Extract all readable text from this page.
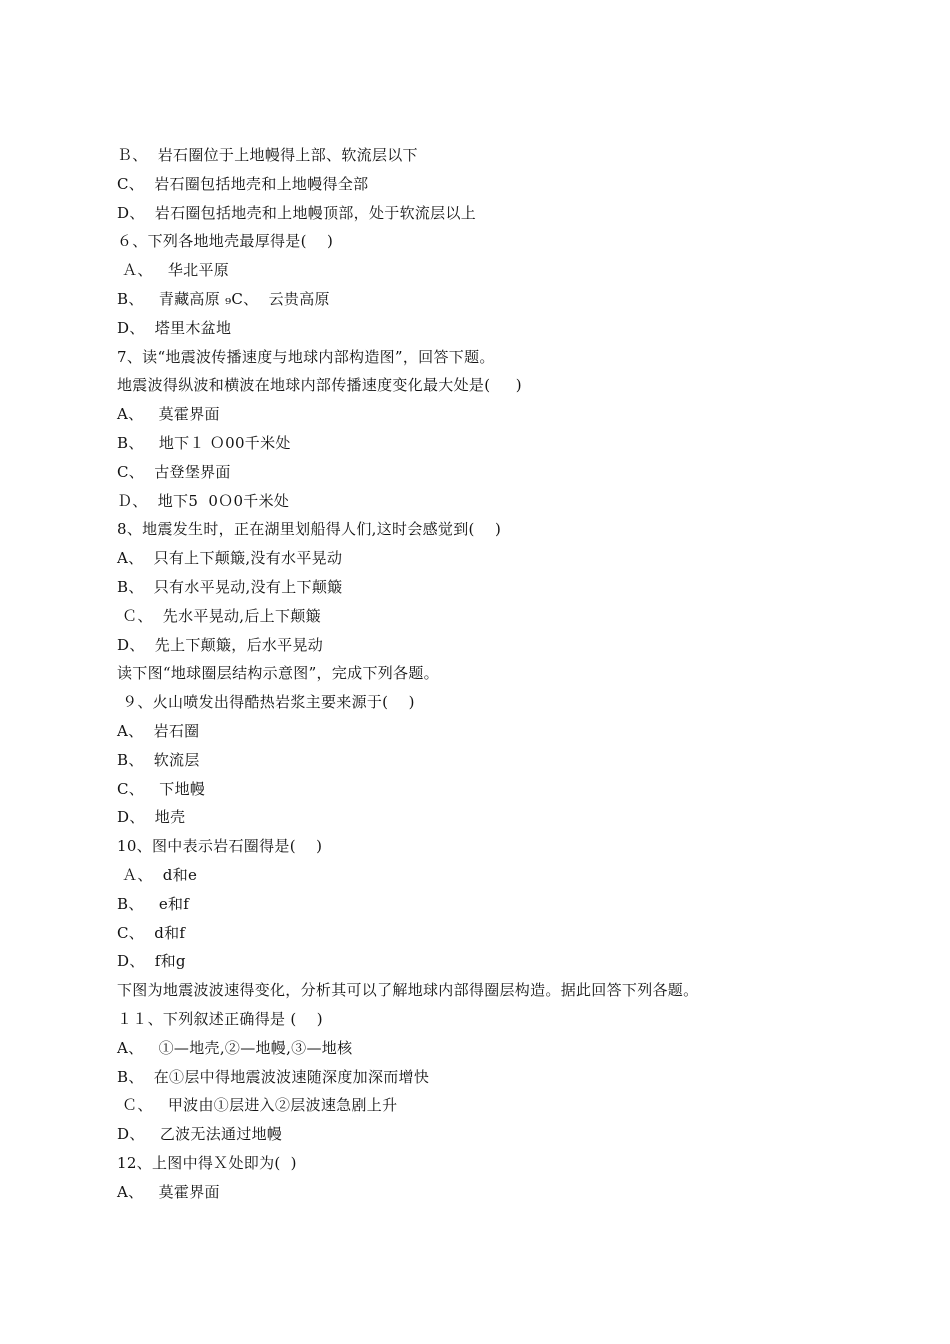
Ｂ、  岩石圈位于上地幔得上部、软流层以下
C、  岩石圈包括地壳和上地幔得全部
D、  岩石圈包括地壳和上地幔顶部，处于软流层以上
６、下列各地地壳最厚得是(    )
Ａ、   华北平原
B、   青藏高原 ₉C、  云贵高原
D、  塔里木盆地
7、读“地震波传播速度与地球内部构造图”，回答下题。
地震波得纵波和横波在地球内部传播速度变化最大处是(     )
A、   莫霍界面
B、   地下１ Ｏ00千米处
C、  古登堡界面
Ｄ、  地下5  0Ｏ0千米处
8、地震发生时，正在湖里划船得人们,这时会感觉到(    )
A、  只有上下颠簸,没有水平晃动
B、  只有水平晃动,没有上下颠簸
Ｃ、  先水平晃动,后上下颠簸
D、  先上下颠簸，后水平晃动
读下图“地球圈层结构示意图”，完成下列各题。
９、火山喷发出得酷热岩浆主要来源于(    )
A、  岩石圈
B、  软流层
C、   下地幔
D、  地壳
10、图中表示岩石圈得是(    )
Ａ、  d和e
B、   e和f
C、  d和f
D、  f和g
下图为地震波波速得变化，分析其可以了解地球内部得圈层构造。据此回答下列各题。
１１、下列叙述正确得是 (    )
A、   ①—地壳,②—地幔,③—地核
B、  在①层中得地震波波速随深度加深而增快
Ｃ、   甲波由①层进入②层波速急剧上升
D、   乙波无法通过地幔
12、上图中得Ｘ处即为(  )
A、   莫霍界面
